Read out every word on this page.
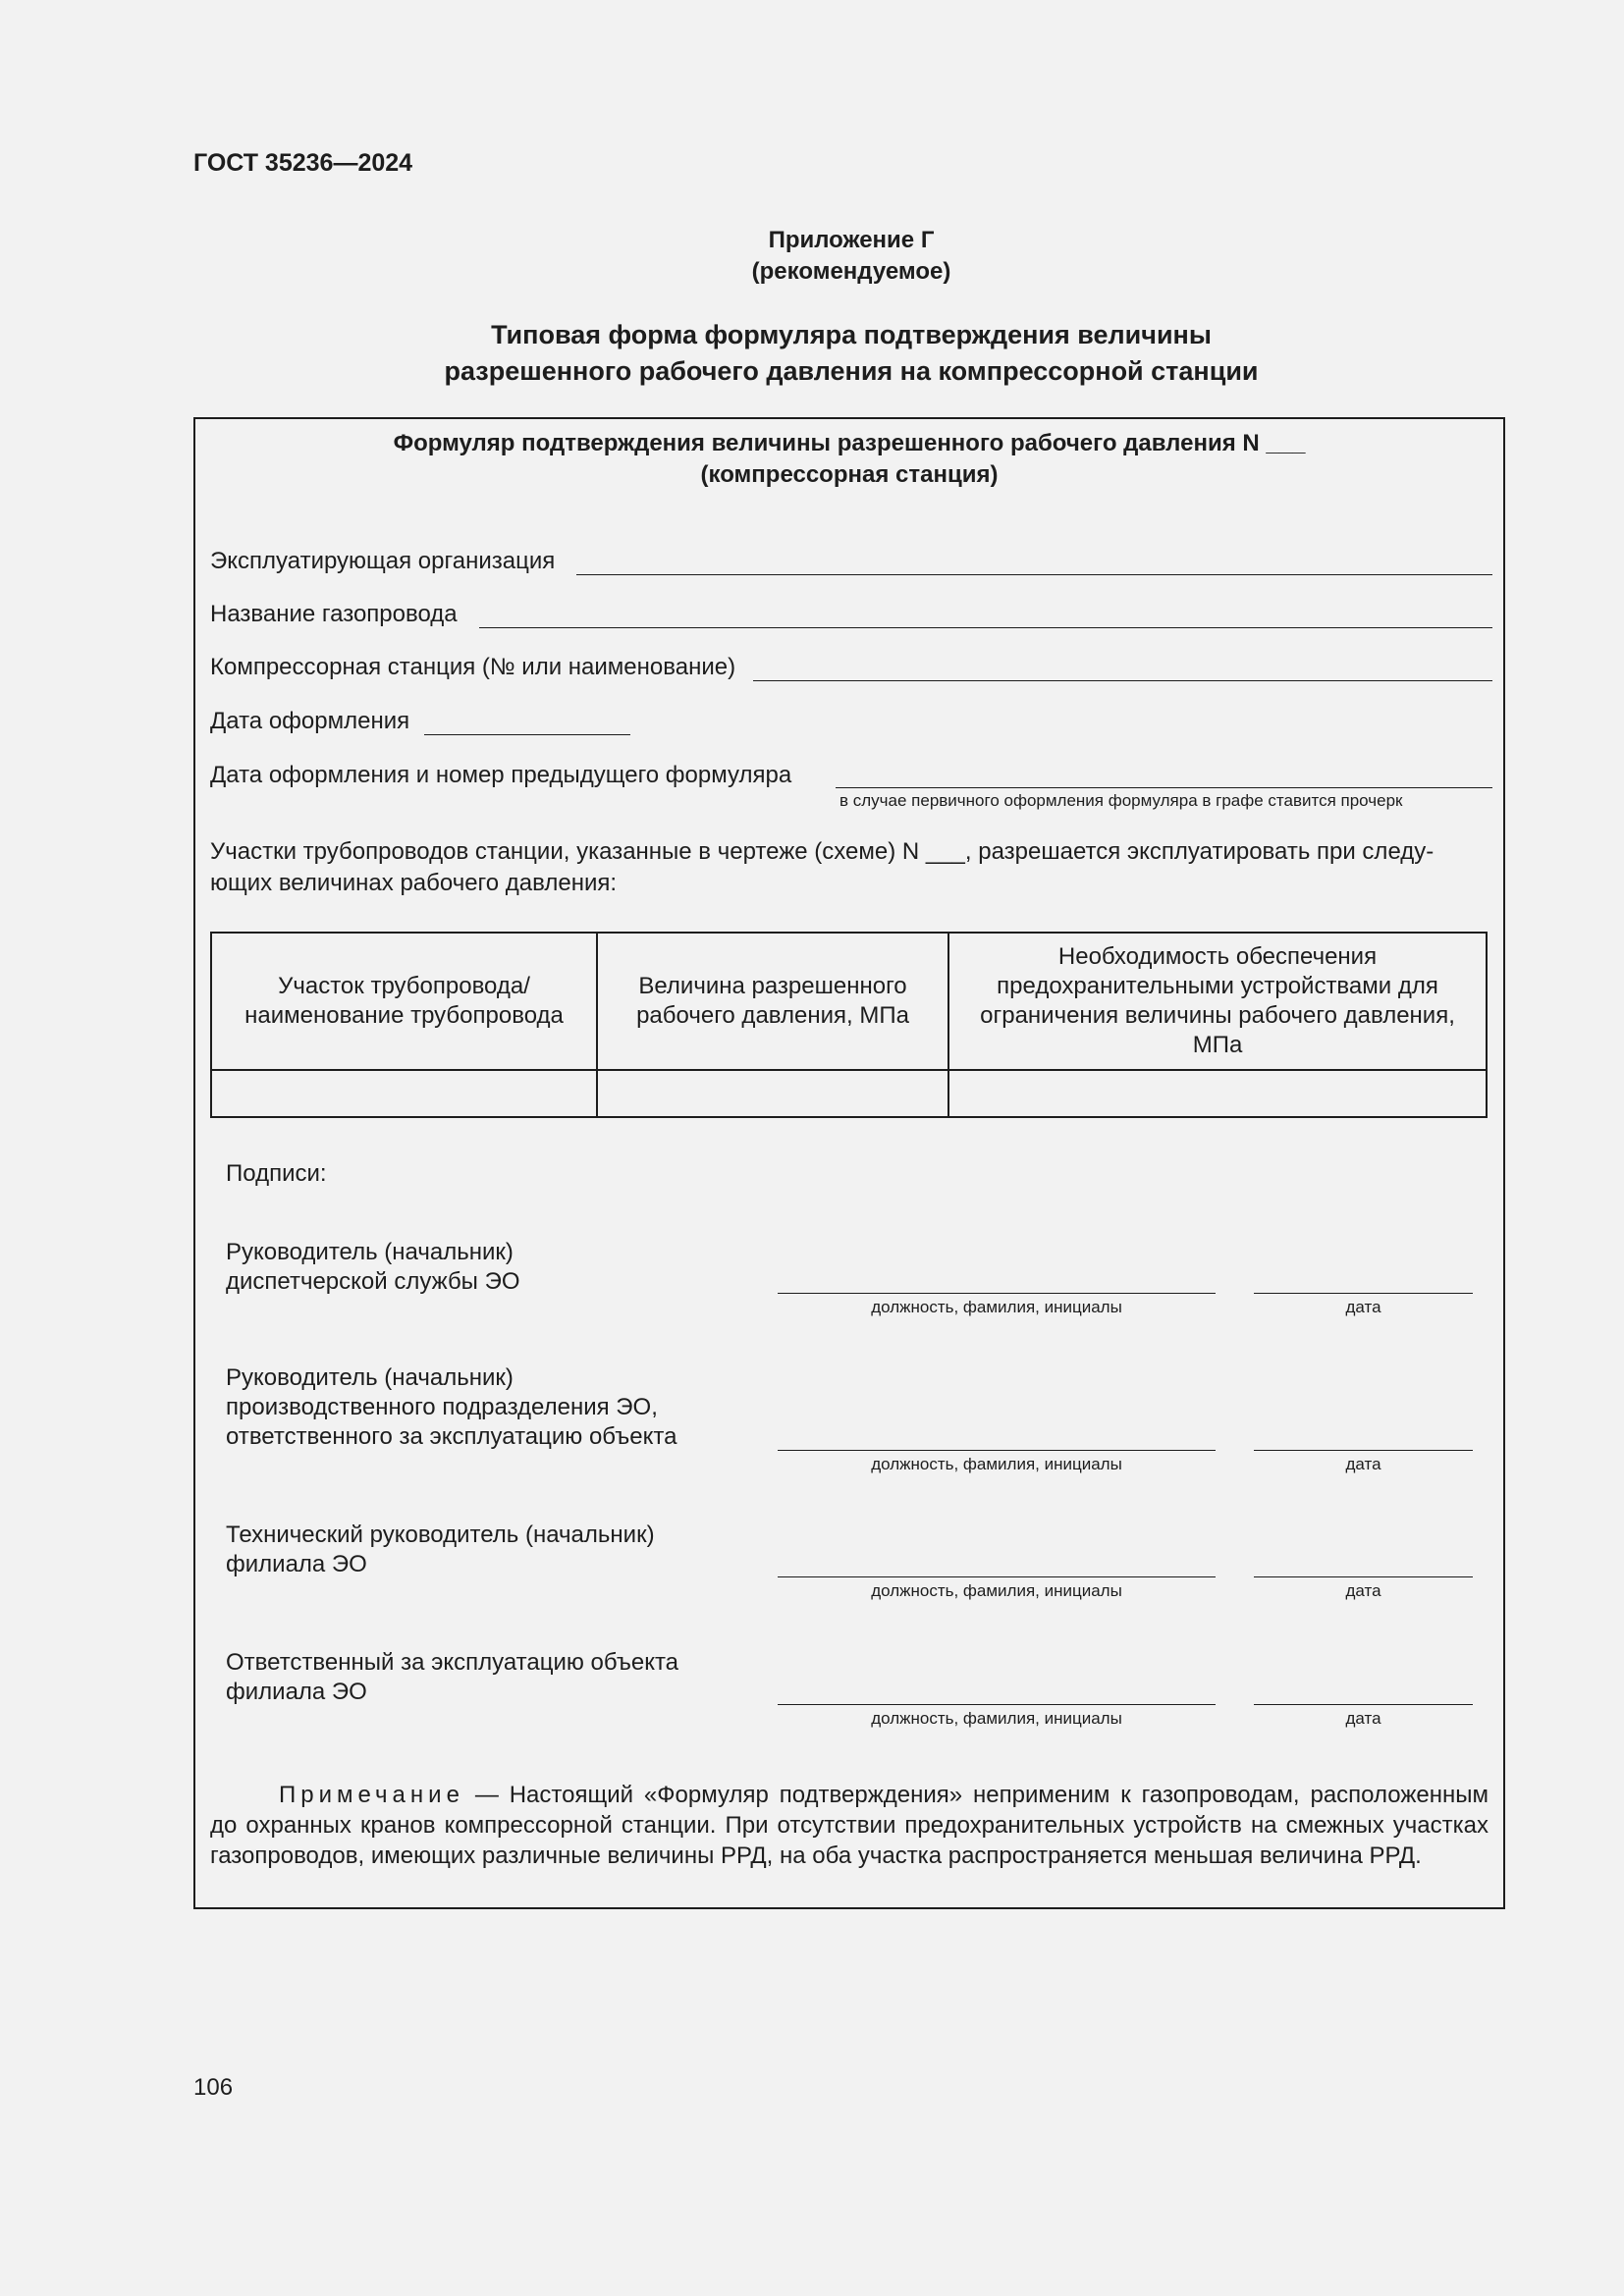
ГОСТ 35236—2024
Приложение Г
(рекомендуемое)
Типовая форма формуляра подтверждения величины
разрешенного рабочего давления на компрессорной станции
Формуляр подтверждения величины разрешенного рабочего давления N ___
(компрессорная станция)
Эксплуатирующая организация
Название газопровода
Компрессорная станция (№ или наименование)
Дата оформления
Дата оформления и номер предыдущего формуляра
в случае первичного оформления формуляра в графе ставится прочерк
Участки трубопроводов станции, указанные в чертеже (схеме) N ___, разрешается эксплуатировать при следу-
ющих величинах рабочего давления:
Участок трубопровода/ наименование трубопровода	Величина разрешенного рабочего давления, МПа	Необходимость обеспечения предохранительными устройствами для ограничения величины рабочего давления, МПа

Подписи:
Руководитель (начальник)
диспетчерской службы ЭО
должность, фамилия, инициалы	дата
Руководитель (начальник)
производственного подразделения ЭО,
ответственного за эксплуатацию объекта
должность, фамилия, инициалы	дата
Технический руководитель (начальник)
филиала ЭО
должность, фамилия, инициалы	дата
Ответственный за эксплуатацию объекта
филиала ЭО
должность, фамилия, инициалы	дата
Примечание — Настоящий «Формуляр подтверждения» неприменим к газопроводам, расположенным до охранных кранов компрессорной станции. При отсутствии предохранительных устройств на смежных участках газопроводов, имеющих различные величины РРД, на оба участка распространяется меньшая величина РРД.
106
